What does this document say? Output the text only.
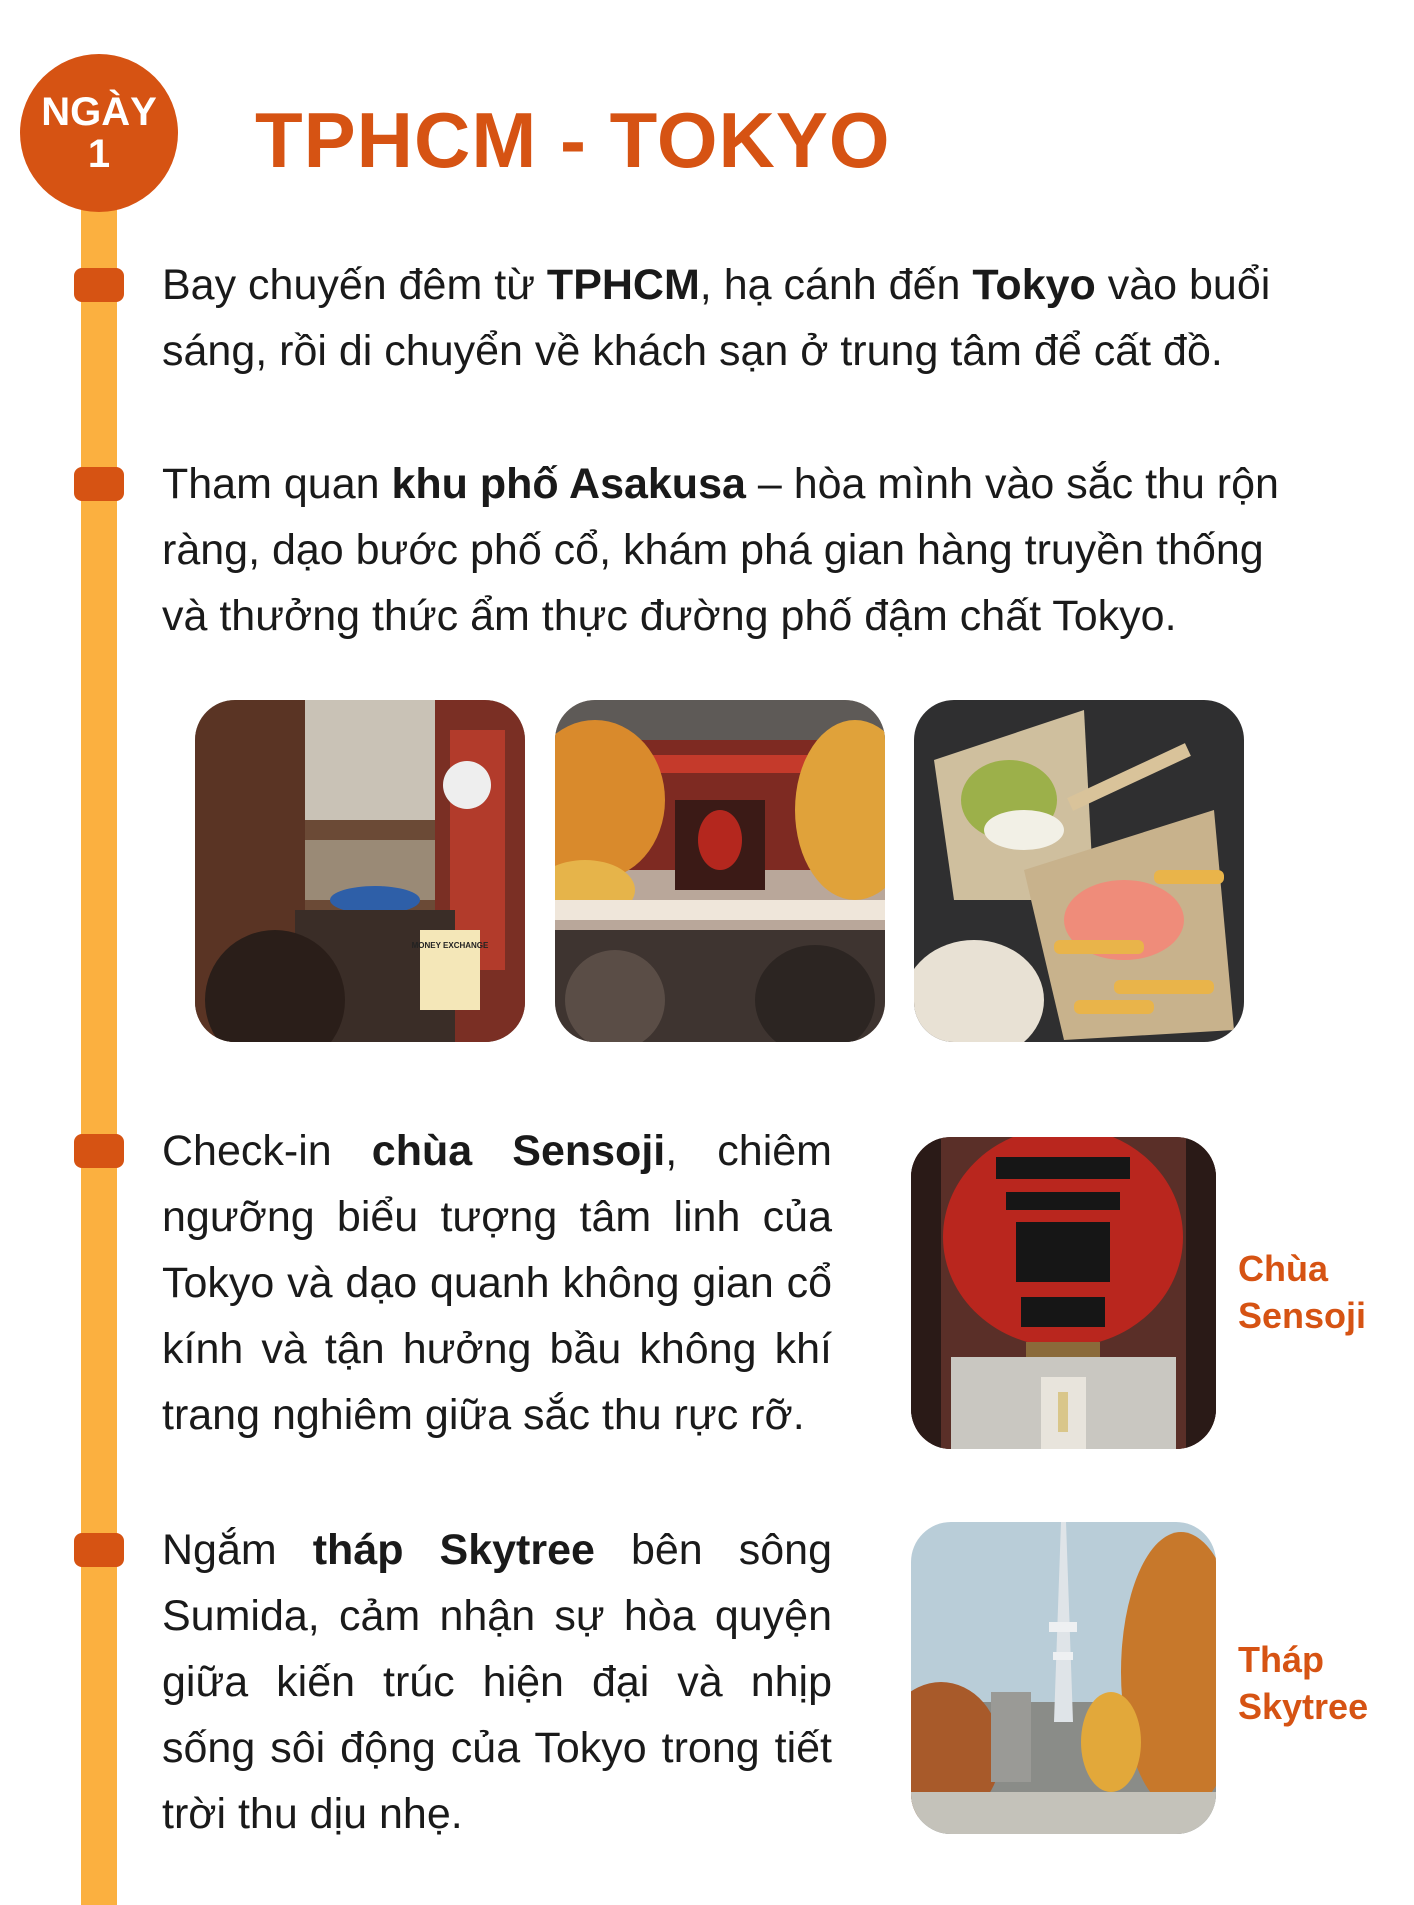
NGÀY
1 TPHCM - TOKYO
Bay chuyến đêm từ TPHCM, hạ cánh đến Tokyo vào buổi sáng, rồi di chuyển về khách sạn ở trung tâm để cất đồ.
Tham quan khu phố Asakusa – hòa mình vào sắc thu rộn ràng, dạo bước phố cổ, khám phá gian hàng truyền thống và thưởng thức ẩm thực đường phố đậm chất Tokyo.
MONEY EXCHANGE
Check-in chùa Sensoji, chiêm ngưỡng biểu tượng tâm linh của Tokyo và dạo quanh không gian cổ kính và tận hưởng bầu không khí trang nghiêm giữa sắc thu rực rỡ.
Chùa
Sensoji
Ngắm tháp Skytree bên sông Sumida, cảm nhận sự hòa quyện giữa kiến trúc hiện đại và nhịp sống sôi động của Tokyo trong tiết trời thu dịu nhẹ.
Tháp
Skytree
